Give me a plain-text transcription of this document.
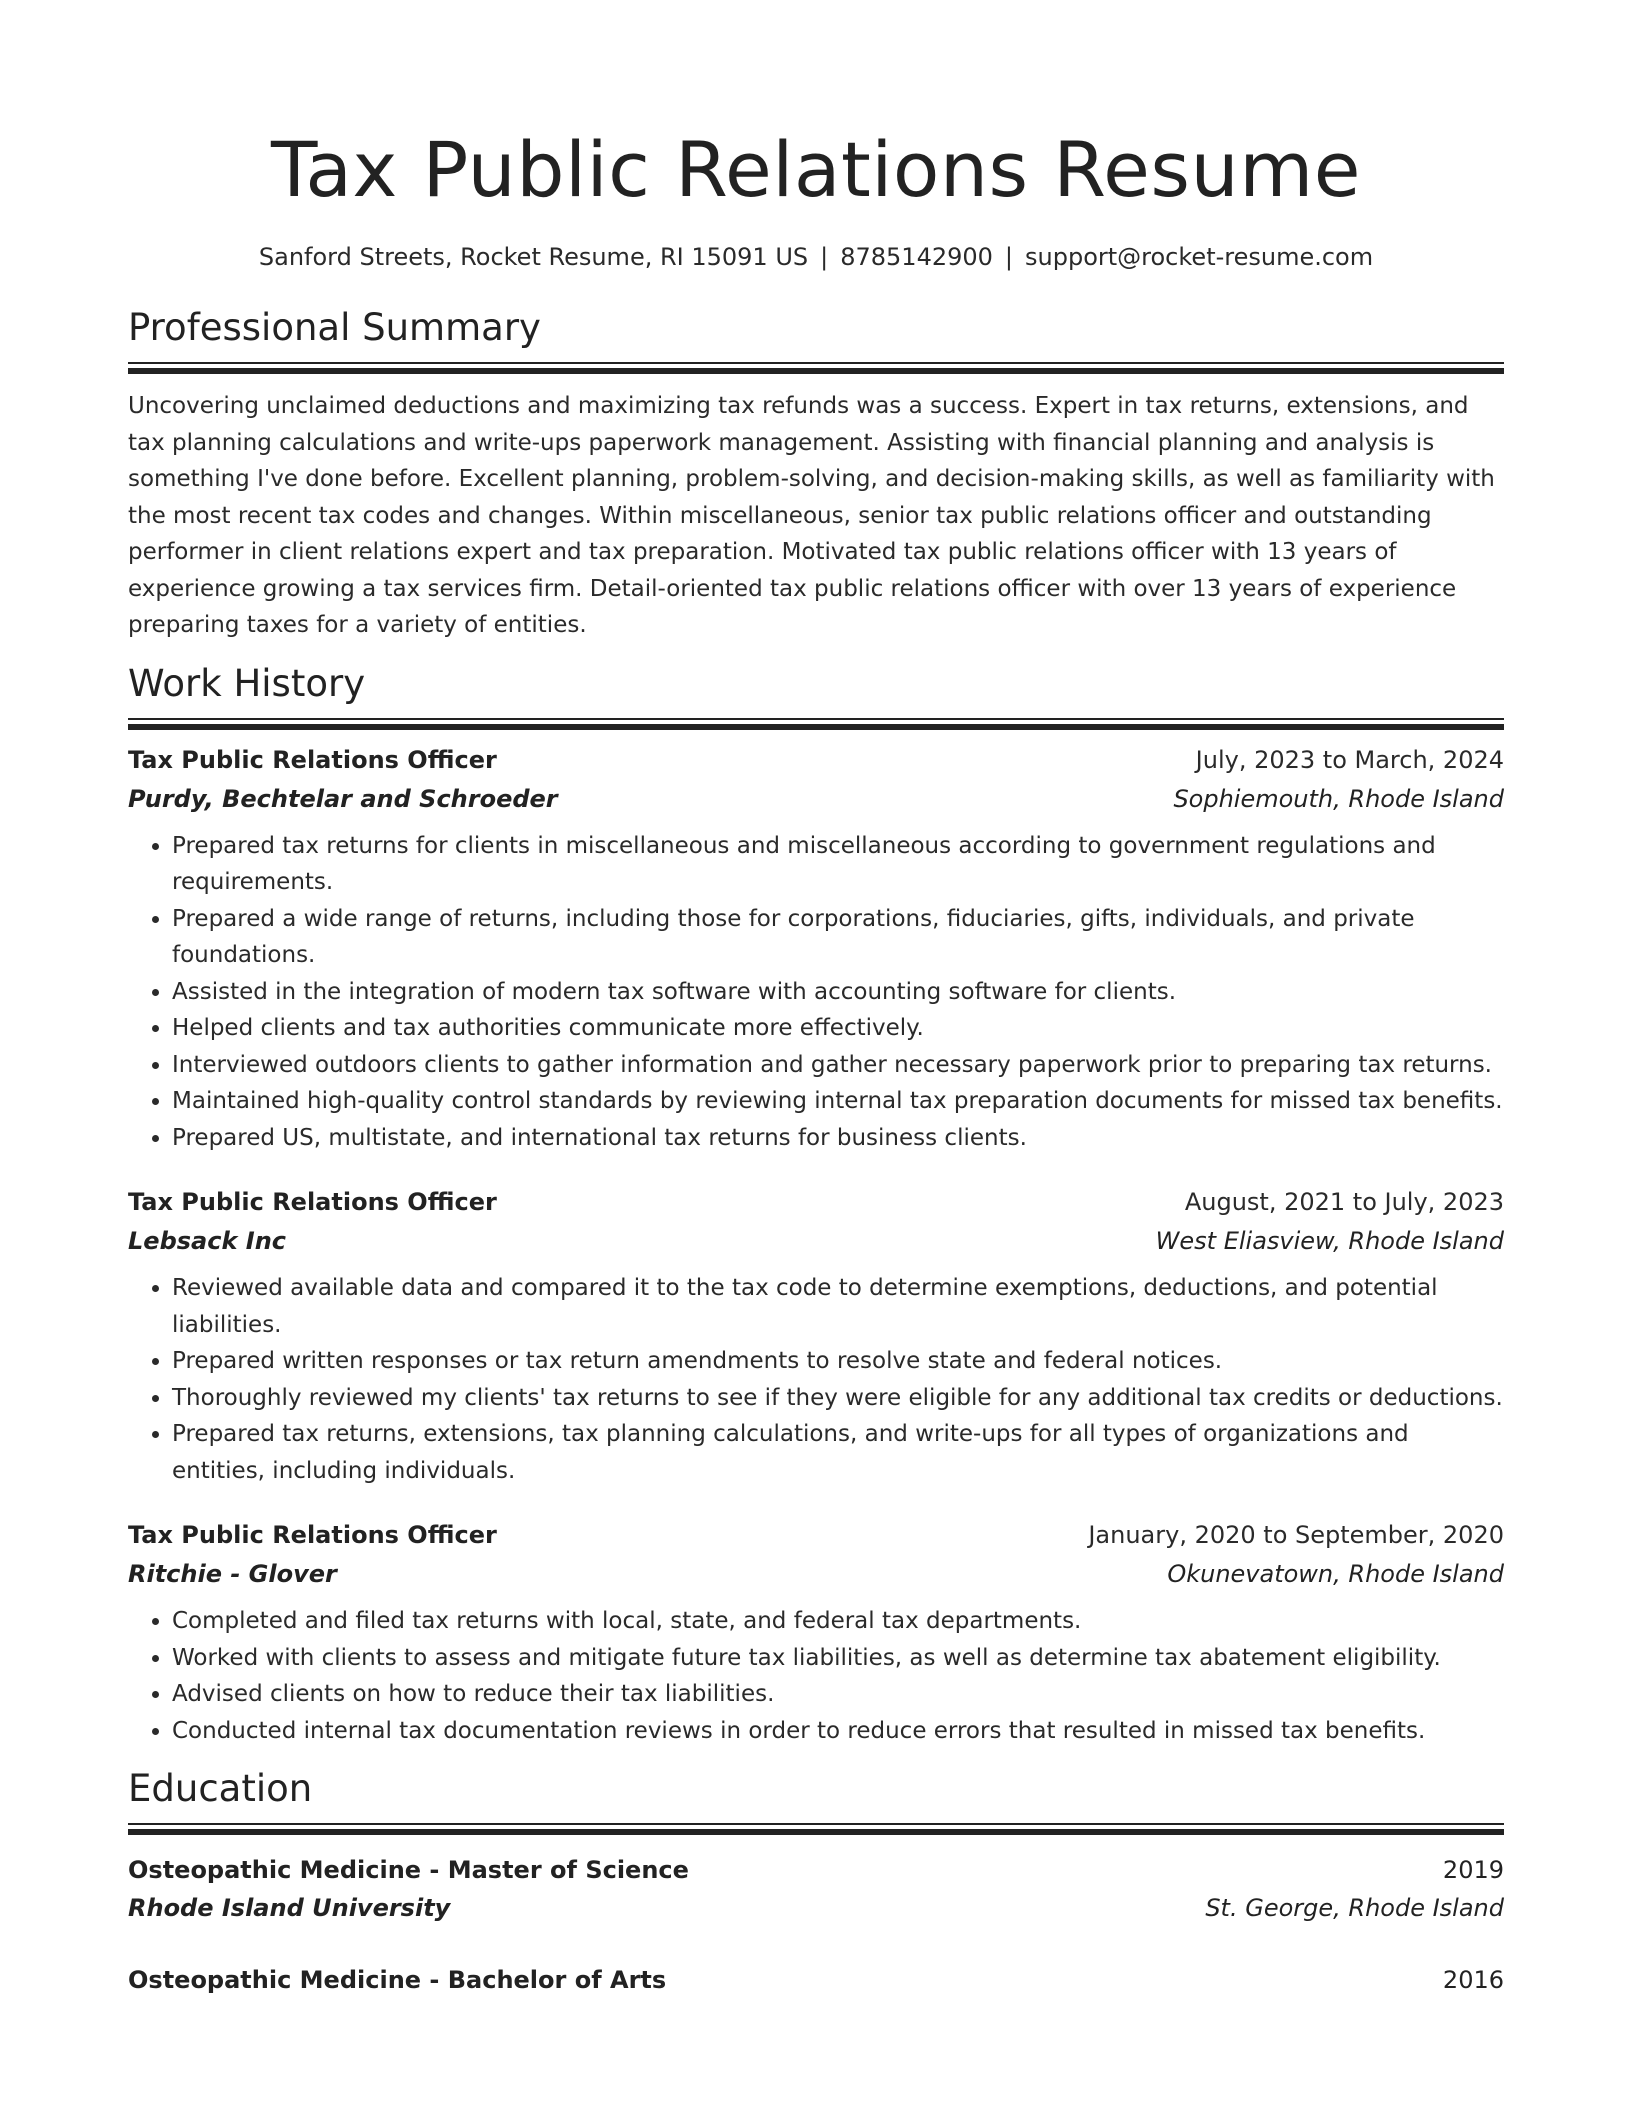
Tax Public Relations Resume
Sanford Streets, Rocket Resume, RI 15091 US | 8785142900 | support@rocket-resume.com
Professional Summary

Uncovering unclaimed deductions and maximizing tax refunds was a success. Expert in tax returns, extensions, and tax planning calculations and write-ups paperwork management. Assisting with financial planning and analysis is something I've done before. Excellent planning, problem-solving, and decision-making skills, as well as familiarity with the most recent tax codes and changes. Within miscellaneous, senior tax public relations officer and outstanding performer in client relations expert and tax preparation. Motivated tax public relations officer with 13 years of experience growing a tax services firm. Detail-oriented tax public relations officer with over 13 years of experience preparing taxes for a variety of entities.

Work History
Tax Public Relations Officer	July, 2023 to March, 2024
Purdy, Bechtelar and Schroeder	Sophiemouth, Rhode Island
• Prepared tax returns for clients in miscellaneous and miscellaneous according to government regulations and requirements.
• Prepared a wide range of returns, including those for corporations, fiduciaries, gifts, individuals, and private foundations.
• Assisted in the integration of modern tax software with accounting software for clients.
• Helped clients and tax authorities communicate more effectively.
• Interviewed outdoors clients to gather information and gather necessary paperwork prior to preparing tax returns.
• Maintained high-quality control standards by reviewing internal tax preparation documents for missed tax benefits.
• Prepared US, multistate, and international tax returns for business clients.
Tax Public Relations Officer	August, 2021 to July, 2023
Lebsack Inc	West Eliasview, Rhode Island
• Reviewed available data and compared it to the tax code to determine exemptions, deductions, and potential liabilities.
• Prepared written responses or tax return amendments to resolve state and federal notices.
• Thoroughly reviewed my clients' tax returns to see if they were eligible for any additional tax credits or deductions.
• Prepared tax returns, extensions, tax planning calculations, and write-ups for all types of organizations and entities, including individuals.
Tax Public Relations Officer	January, 2020 to September, 2020
Ritchie - Glover	Okunevatown, Rhode Island
• Completed and filed tax returns with local, state, and federal tax departments.
• Worked with clients to assess and mitigate future tax liabilities, as well as determine tax abatement eligibility.
• Advised clients on how to reduce their tax liabilities.
• Conducted internal tax documentation reviews in order to reduce errors that resulted in missed tax benefits.
Education
Osteopathic Medicine - Master of Science	2019
Rhode Island University	St. George, Rhode Island
Osteopathic Medicine - Bachelor of Arts	2016
